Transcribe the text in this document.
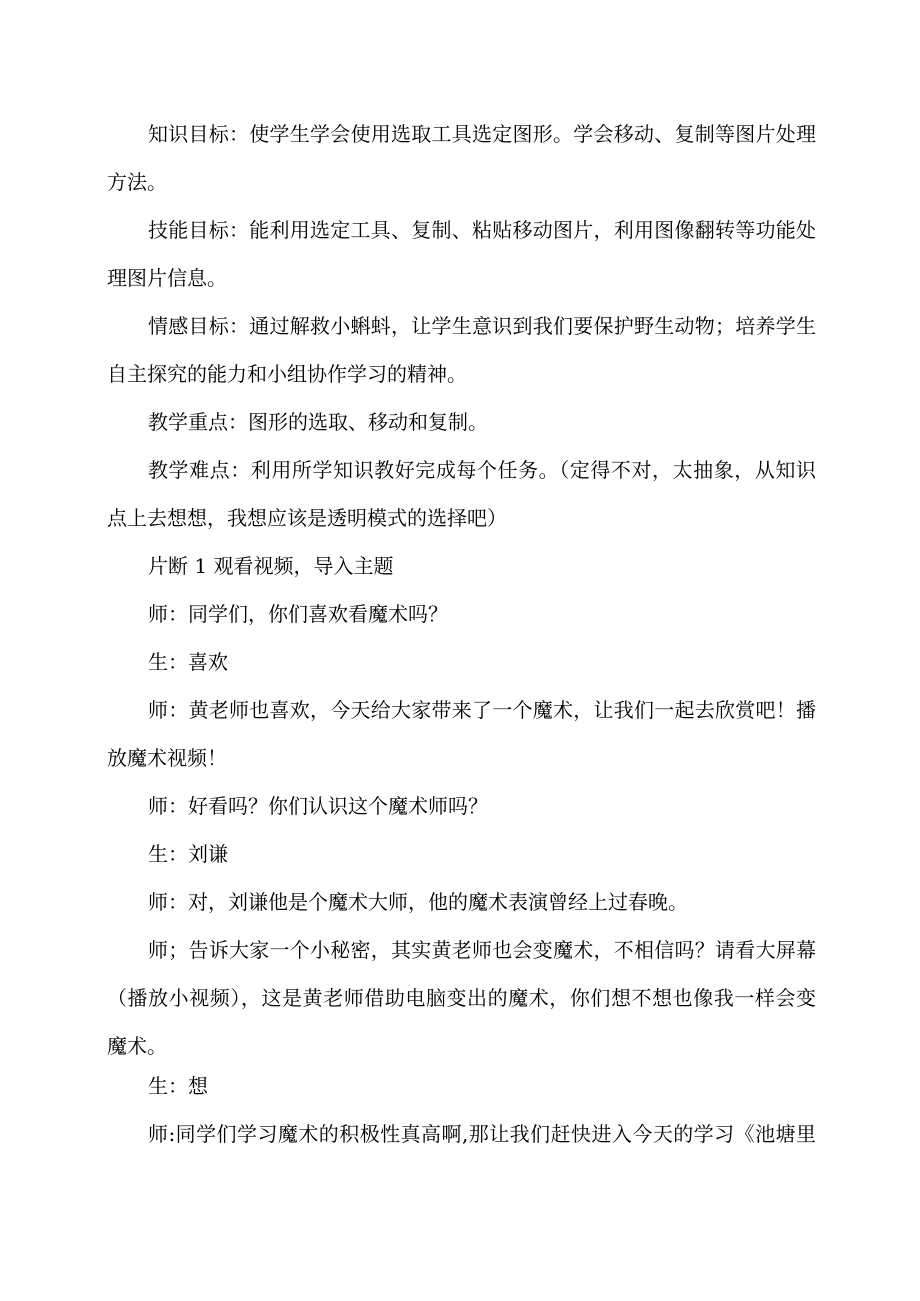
知识目标：使学生学会使用选取工具选定图形。学会移动、复制等图片处理
方法。
技能目标：能利用选定工具、复制、粘贴移动图片，利用图像翻转等功能处
理图片信息。
情感目标：通过解救小蝌蚪，让学生意识到我们要保护野生动物；培养学生
自主探究的能力和小组协作学习的精神。
教学重点：图形的选取、移动和复制。
教学难点：利用所学知识教好完成每个任务。（定得不对，太抽象，从知识
点上去想想，我想应该是透明模式的选择吧）
片断 1 观看视频，导入主题
师：同学们，你们喜欢看魔术吗？
生：喜欢
师：黄老师也喜欢，今天给大家带来了一个魔术，让我们一起去欣赏吧！播
放魔术视频！
师：好看吗？你们认识这个魔术师吗？
生：刘谦
师：对，刘谦他是个魔术大师，他的魔术表演曾经上过春晚。
师；告诉大家一个小秘密，其实黄老师也会变魔术，不相信吗？请看大屏幕
（播放小视频），这是黄老师借助电脑变出的魔术，你们想不想也像我一样会变
魔术。
生：想
师:同学们学习魔术的积极性真高啊,那让我们赶快进入今天的学习《池塘里
